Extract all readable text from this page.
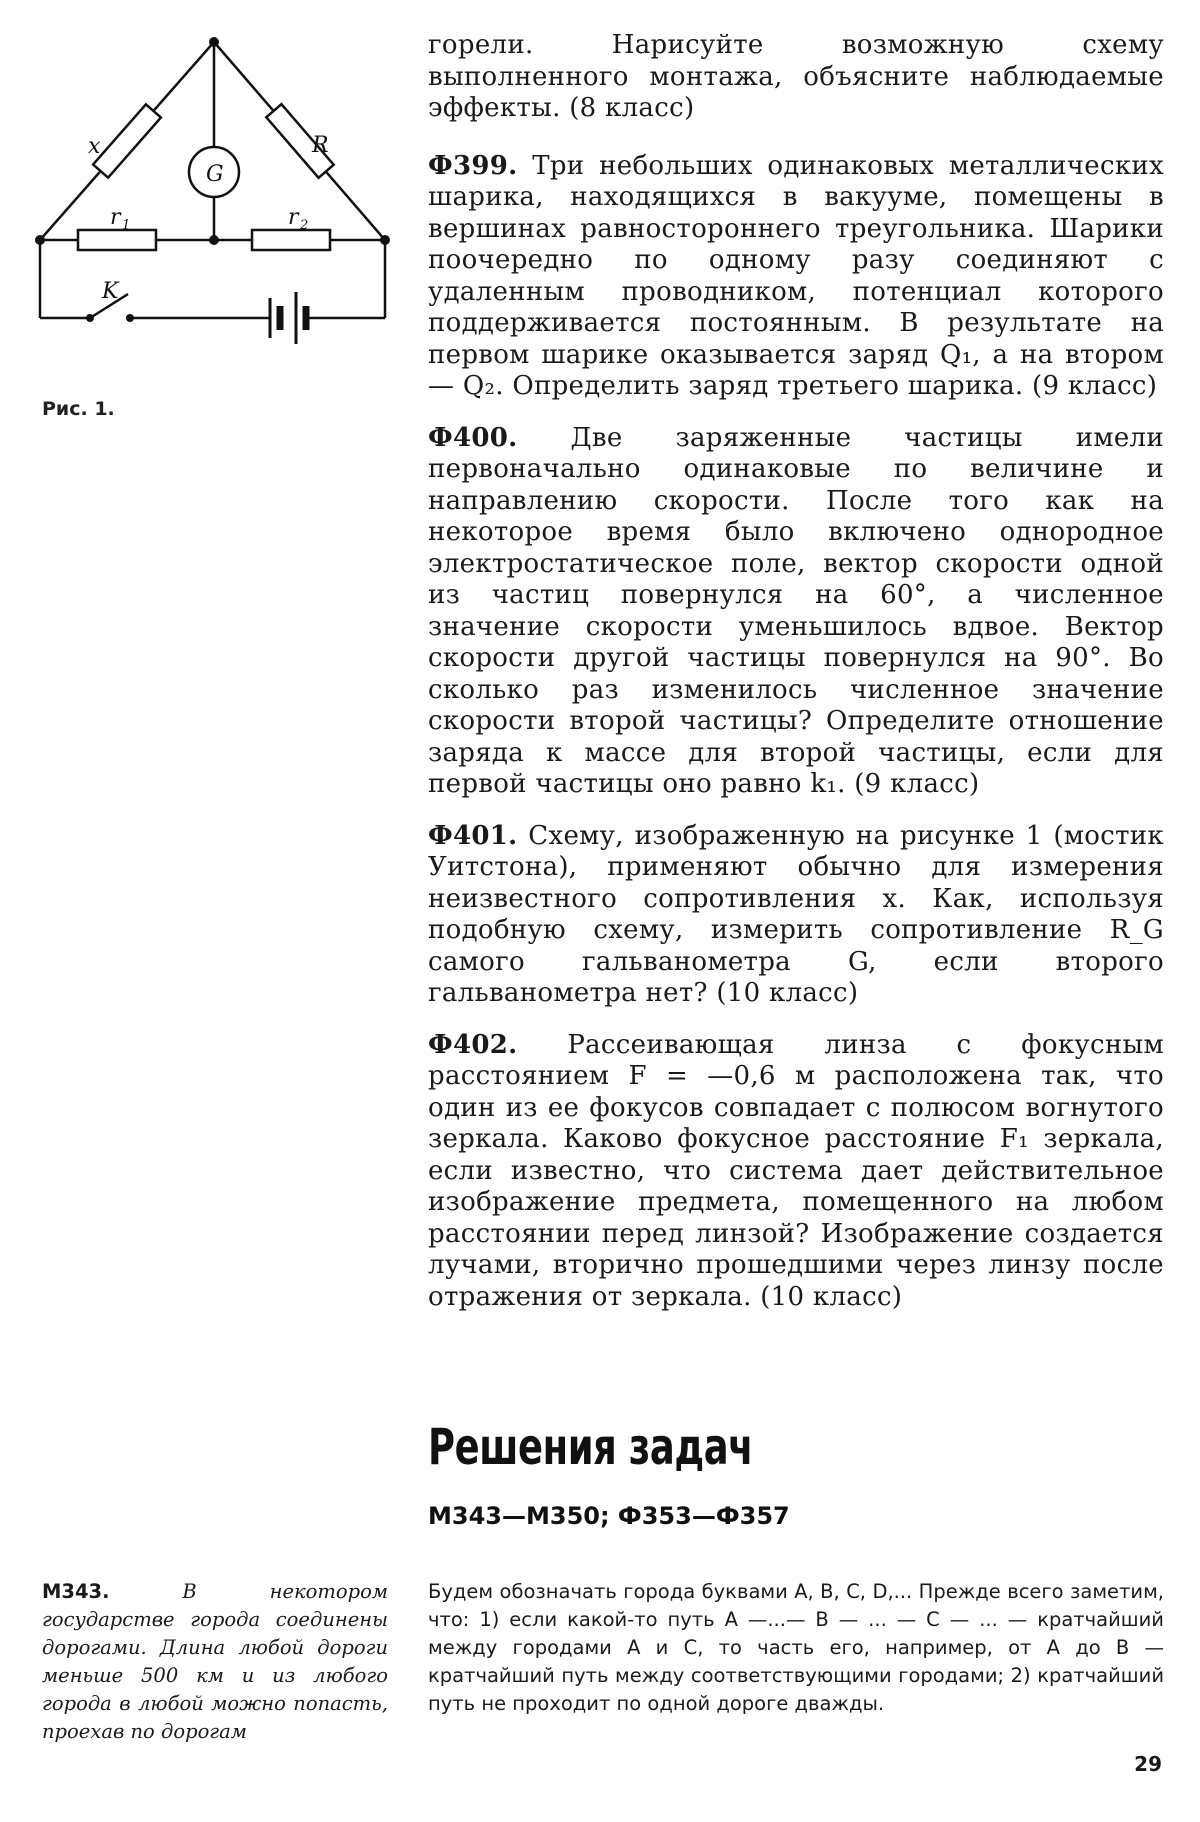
x	R
G
r 1	r 2
K
Рис. 1.

горели. Нарисуйте возможную схему выполненного монтажа, объясните наблюдаемые эффекты. (8 класс)

Ф399. Три небольших одинаковых металлических шарика, находящихся в вакууме, помещены в вершинах равностороннего треугольника. Шарики поочередно по одному разу соединяют с удаленным проводником, потенциал которого поддерживается постоянным. В результате на первом шарике оказывается заряд Q₁, а на втором — Q₂. Определить заряд третьего шарика. (9 класс)

Ф400. Две заряженные частицы имели первоначально одинаковые по величине и направлению скорости. После того как на некоторое время было включено однородное электростатическое поле, вектор скорости одной из частиц повернулся на 60°, а численное значение скорости уменьшилось вдвое. Вектор скорости другой частицы повернулся на 90°. Во сколько раз изменилось численное значение скорости второй частицы? Определите отношение заряда к массе для второй частицы, если для первой частицы оно равно k₁. (9 класс)

Ф401. Схему, изображенную на рисунке 1 (мостик Уитстона), применяют обычно для измерения неизвестного сопротивления x. Как, используя подобную схему, измерить сопротивление R_G самого гальванометра G, если второго гальванометра нет? (10 класс)

Ф402. Рассеивающая линза с фокусным расстоянием F = —0,6 м расположена так, что один из ее фокусов совпадает с полюсом вогнутого зеркала. Каково фокусное расстояние F₁ зеркала, если известно, что система дает действительное изображение предмета, помещенного на любом расстоянии перед линзой? Изображение создается лучами, вторично прошедшими через линзу после отражения от зеркала. (10 класс)

Решения задач
М343—М350; Ф353—Ф357
М343.	В некотором государстве города соединены дорогами. Длина любой дороги меньше 500 км и из любого города в любой можно попасть, проехав по дорогам
Будем обозначать города буквами A, B, C, D,... Прежде всего заметим, что: 1) если какой-то путь A —...— B — ... — C — ... — кратчайший между городами A и C, то часть его, например, от A до B — кратчайший путь между соответствующими городами; 2) кратчайший путь не проходит по одной дороге дважды.
29
